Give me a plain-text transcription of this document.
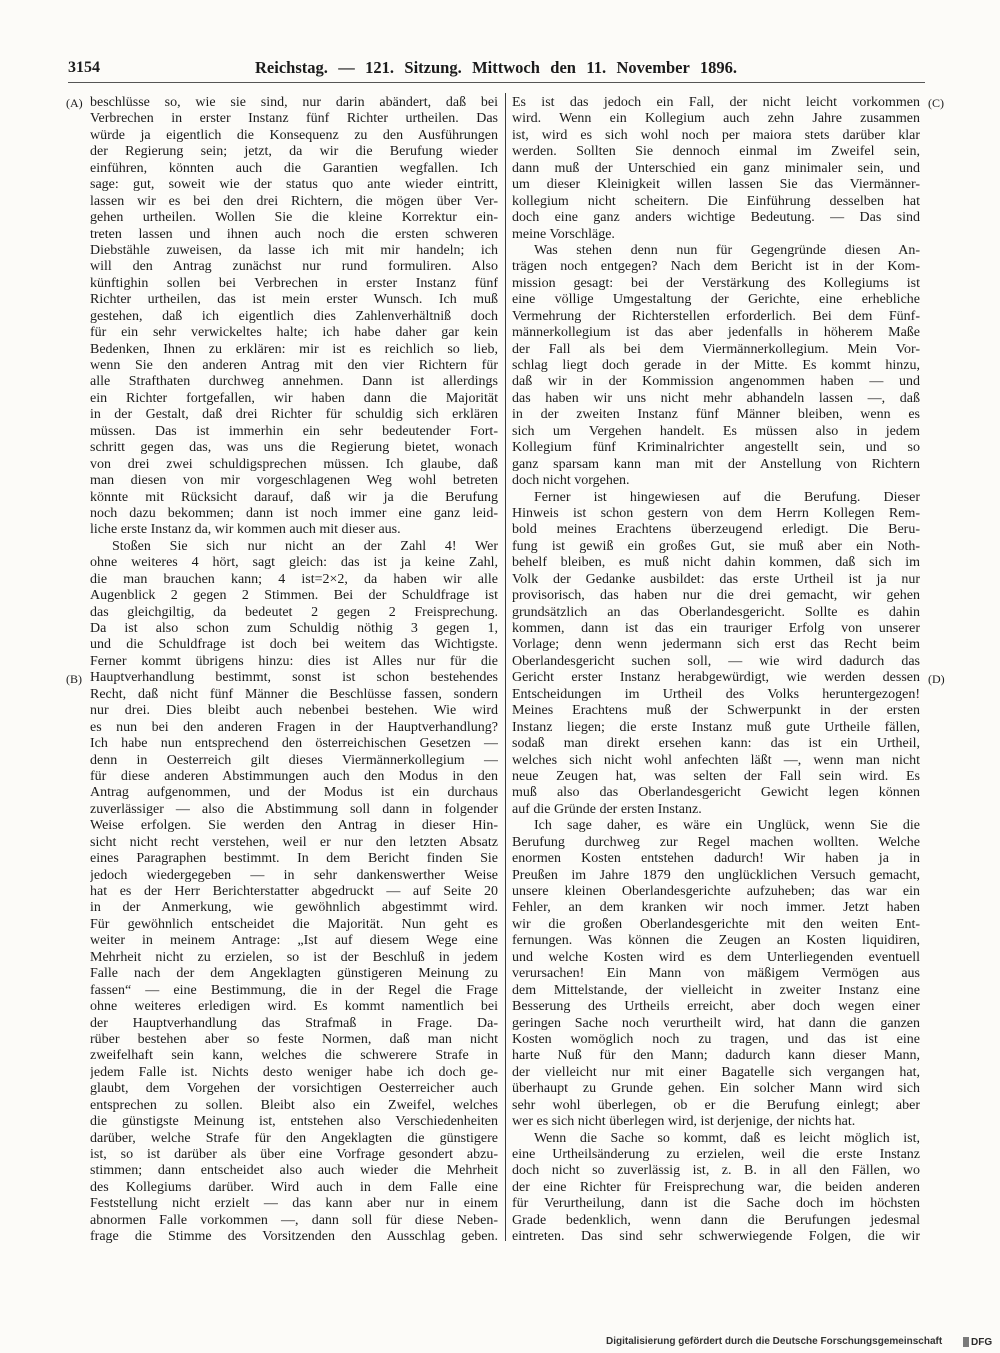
3154	Reichstag. — 121. Sitzung. Mittwoch den 11. November 1896.
(A)
(B)
(C)
(D)
beschlüsse so, wie sie sind, nur darin abändert, daß bei
Verbrechen in erster Instanz fünf Richter urtheilen. Das
würde ja eigentlich die Konsequenz zu den Ausführungen
der Regierung sein; jetzt, da wir die Berufung wieder
einführen, könnten auch die Garantien wegfallen. Ich
sage: gut, soweit wie der status quo ante wieder eintritt,
lassen wir es bei den drei Richtern, die mögen über Ver-
gehen urtheilen. Wollen Sie die kleine Korrektur ein-
treten lassen und ihnen auch noch die ersten schweren
Diebstähle zuweisen, da lasse ich mit mir handeln; ich
will den Antrag zunächst nur rund formuliren. Also
künftighin sollen bei Verbrechen in erster Instanz fünf
Richter urtheilen, das ist mein erster Wunsch. Ich muß
gestehen, daß ich eigentlich dies Zahlenverhältniß doch
für ein sehr verwickeltes halte; ich habe daher gar kein
Bedenken, Ihnen zu erklären: mir ist es reichlich so lieb,
wenn Sie den anderen Antrag mit den vier Richtern für
alle Strafthaten durchweg annehmen. Dann ist allerdings
ein Richter fortgefallen, wir haben dann die Majorität
in der Gestalt, daß drei Richter für schuldig sich erklären
müssen. Das ist immerhin ein sehr bedeutender Fort-
schritt gegen das, was uns die Regierung bietet, wonach
von drei zwei schuldigsprechen müssen. Ich glaube, daß
man diesen von mir vorgeschlagenen Weg wohl betreten
könnte mit Rücksicht darauf, daß wir ja die Berufung
noch dazu bekommen; dann ist noch immer eine ganz leid-
liche erste Instanz da, wir kommen auch mit dieser aus.
Stoßen Sie sich nur nicht an der Zahl 4! Wer
ohne weiteres 4 hört, sagt gleich: das ist ja keine Zahl,
die man brauchen kann; 4 ist=2×2, da haben wir alle
Augenblick 2 gegen 2 Stimmen. Bei der Schuldfrage ist
das gleichgiltig, da bedeutet 2 gegen 2 Freisprechung.
Da ist also schon zum Schuldig nöthig 3 gegen 1,
und die Schuldfrage ist doch bei weitem das Wichtigste.
Ferner kommt übrigens hinzu: dies ist Alles nur für die
Hauptverhandlung bestimmt, sonst ist schon bestehendes
Recht, daß nicht fünf Männer die Beschlüsse fassen, sondern
nur drei. Dies bleibt auch nebenbei bestehen. Wie wird
es nun bei den anderen Fragen in der Hauptverhandlung?
Ich habe nun entsprechend den österreichischen Gesetzen —
denn in Oesterreich gilt dieses Viermännerkollegium —
für diese anderen Abstimmungen auch den Modus in den
Antrag aufgenommen, und der Modus ist ein durchaus
zuverlässiger — also die Abstimmung soll dann in folgender
Weise erfolgen. Sie werden den Antrag in dieser Hin-
sicht nicht recht verstehen, weil er nur den letzten Absatz
eines Paragraphen bestimmt. In dem Bericht finden Sie
jedoch wiedergegeben — in sehr dankenswerther Weise
hat es der Herr Berichterstatter abgedruckt — auf Seite 20
in der Anmerkung, wie gewöhnlich abgestimmt wird.
Für gewöhnlich entscheidet die Majorität. Nun geht es
weiter in meinem Antrage: „Ist auf diesem Wege eine
Mehrheit nicht zu erzielen, so ist der Beschluß in jedem
Falle nach der dem Angeklagten günstigeren Meinung zu
fassen“ — eine Bestimmung, die in der Regel die Frage
ohne weiteres erledigen wird. Es kommt namentlich bei
der Hauptverhandlung das Strafmaß in Frage. Da-
rüber bestehen aber so feste Normen, daß man nicht
zweifelhaft sein kann, welches die schwerere Strafe in
jedem Falle ist. Nichts desto weniger habe ich doch ge-
glaubt, dem Vorgehen der vorsichtigen Oesterreicher auch
entsprechen zu sollen. Bleibt also ein Zweifel, welches
die günstigste Meinung ist, entstehen also Verschiedenheiten
darüber, welche Strafe für den Angeklagten die günstigere
ist, so ist darüber als über eine Vorfrage gesondert abzu-
stimmen; dann entscheidet also auch wieder die Mehrheit
des Kollegiums darüber. Wird auch in dem Falle eine
Feststellung nicht erzielt — das kann aber nur in einem
abnormen Falle vorkommen —, dann soll für diese Neben-
frage die Stimme des Vorsitzenden den Ausschlag geben.
Es ist das jedoch ein Fall, der nicht leicht vorkommen
wird. Wenn ein Kollegium auch zehn Jahre zusammen
ist, wird es sich wohl noch per maiora stets darüber klar
werden. Sollten Sie dennoch einmal im Zweifel sein,
dann muß der Unterschied ein ganz minimaler sein, und
um dieser Kleinigkeit willen lassen Sie das Viermänner-
kollegium nicht scheitern. Die Einführung desselben hat
doch eine ganz anders wichtige Bedeutung. — Das sind
meine Vorschläge.
Was stehen denn nun für Gegengründe diesen An-
trägen noch entgegen? Nach dem Bericht ist in der Kom-
mission gesagt: bei der Verstärkung des Kollegiums ist
eine völlige Umgestaltung der Gerichte, eine erhebliche
Vermehrung der Richterstellen erforderlich. Bei dem Fünf-
männerkollegium ist das aber jedenfalls in höherem Maße
der Fall als bei dem Viermännerkollegium. Mein Vor-
schlag liegt doch gerade in der Mitte. Es kommt hinzu,
daß wir in der Kommission angenommen haben — und
das haben wir uns nicht mehr abhandeln lassen —, daß
in der zweiten Instanz fünf Männer bleiben, wenn es
sich um Vergehen handelt. Es müssen also in jedem
Kollegium fünf Kriminalrichter angestellt sein, und so
ganz sparsam kann man mit der Anstellung von Richtern
doch nicht vorgehen.
Ferner ist hingewiesen auf die Berufung. Dieser
Hinweis ist schon gestern von dem Herrn Kollegen Rem-
bold meines Erachtens überzeugend erledigt. Die Beru-
fung ist gewiß ein großes Gut, sie muß aber ein Noth-
behelf bleiben, es muß nicht dahin kommen, daß sich im
Volk der Gedanke ausbildet: das erste Urtheil ist ja nur
provisorisch, das haben nur die drei gemacht, wir gehen
grundsätzlich an das Oberlandesgericht. Sollte es dahin
kommen, dann ist das ein trauriger Erfolg von unserer
Vorlage; denn wenn jedermann sich erst das Recht beim
Oberlandesgericht suchen soll, — wie wird dadurch das
Gericht erster Instanz herabgewürdigt, wie werden dessen
Entscheidungen im Urtheil des Volks heruntergezogen!
Meines Erachtens muß der Schwerpunkt in der ersten
Instanz liegen; die erste Instanz muß gute Urtheile fällen,
sodaß man direkt ersehen kann: das ist ein Urtheil,
welches sich nicht wohl anfechten läßt —, wenn man nicht
neue Zeugen hat, was selten der Fall sein wird. Es
muß also das Oberlandesgericht Gewicht legen können
auf die Gründe der ersten Instanz.
Ich sage daher, es wäre ein Unglück, wenn Sie die
Berufung durchweg zur Regel machen wollten. Welche
enormen Kosten entstehen dadurch! Wir haben ja in
Preußen im Jahre 1879 den unglücklichen Versuch gemacht,
unsere kleinen Oberlandesgerichte aufzuheben; das war ein
Fehler, an dem kranken wir noch immer. Jetzt haben
wir die großen Oberlandesgerichte mit den weiten Ent-
fernungen. Was können die Zeugen an Kosten liquidiren,
und welche Kosten wird es dem Unterliegenden eventuell
verursachen! Ein Mann von mäßigem Vermögen aus
dem Mittelstande, der vielleicht in zweiter Instanz eine
Besserung des Urtheils erreicht, aber doch wegen einer
geringen Sache noch verurtheilt wird, hat dann die ganzen
Kosten womöglich noch zu tragen, und das ist eine
harte Nuß für den Mann; dadurch kann dieser Mann,
der vielleicht nur mit einer Bagatelle sich vergangen hat,
überhaupt zu Grunde gehen. Ein solcher Mann wird sich
sehr wohl überlegen, ob er die Berufung einlegt; aber
wer es sich nicht überlegen wird, ist derjenige, der nichts hat.
Wenn die Sache so kommt, daß es leicht möglich ist,
eine Urtheilsänderung zu erzielen, weil die erste Instanz
doch nicht so zuverlässig ist, z. B. in all den Fällen, wo
der eine Richter für Freisprechung war, die beiden anderen
für Verurtheilung, dann ist die Sache doch im höchsten
Grade bedenklich, wenn dann die Berufungen jedesmal
eintreten. Das sind sehr schwerwiegende Folgen, die wir
Digitalisierung gefördert durch die Deutsche Forschungsgemeinschaft	DFG
